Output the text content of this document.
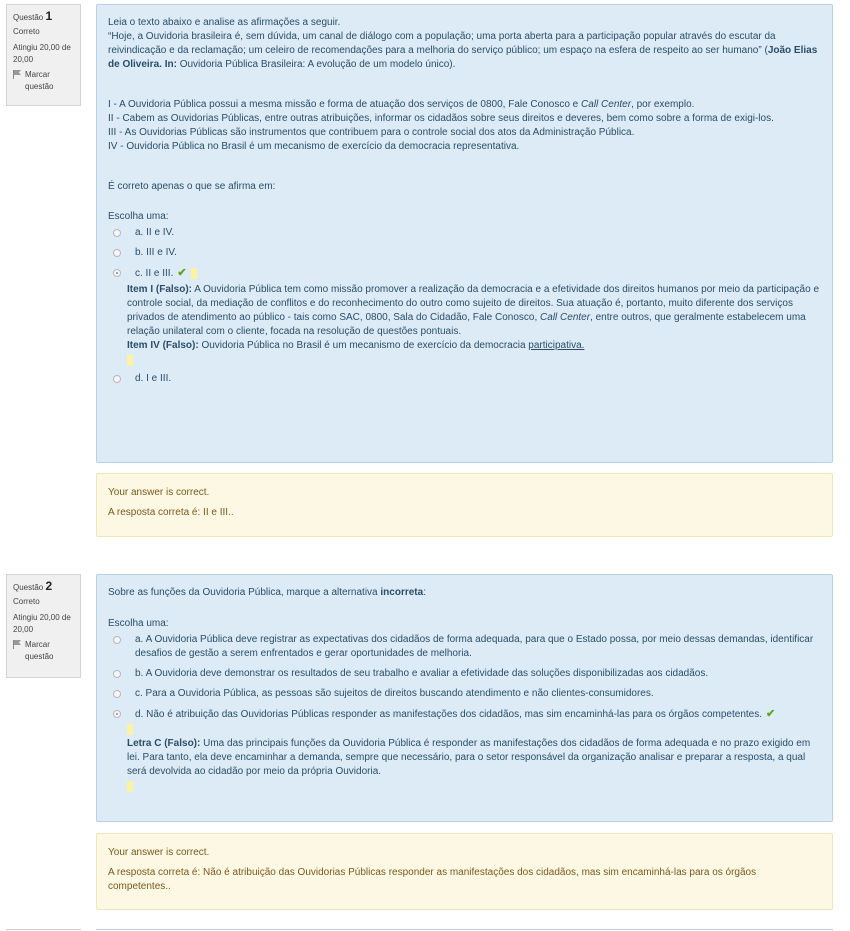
Questão 1
Correto
Atingiu 20,00 de 20,00
Marcar questão

Leia o texto abaixo e analise as afirmações a seguir.

“Hoje, a Ouvidoria brasileira é, sem dúvida, um canal de diálogo com a população; uma porta aberta para a participação popular através do escutar da reivindicação e da reclamação; um celeiro de recomendações para a melhoria do serviço público; um espaço na esfera de respeito ao ser humano” (João Elias de Oliveira. In: Ouvidoria Pública Brasileira: A evolução de um modelo único).

I - A Ouvidoria Pública possui a mesma missão e forma de atuação dos serviços de 0800, Fale Conosco e Call Center, por exemplo.

II - Cabem as Ouvidorias Públicas, entre outras atribuições, informar os cidadãos sobre seus direitos e deveres, bem como sobre a forma de exigi-los.

III - As Ouvidorias Públicas são instrumentos que contribuem para o controle social dos atos da Administração Pública.

IV - Ouvidoria Pública no Brasil é um mecanismo de exercício da democracia representativa.

É correto apenas o que se afirma em:

Escolha uma:

a. II e IV.
b. III e IV.
c. II e III. ✔

Item I (Falso): A Ouvidoria Pública tem como missão promover a realização da democracia e a efetividade dos direitos humanos por meio da participação e controle social, da mediação de conflitos e do reconhecimento do outro como sujeito de direitos. Sua atuação é, portanto, muito diferente dos serviços privados de atendimento ao público - tais como SAC, 0800, Sala do Cidadão, Fale Conosco, Call Center, entre outros, que geralmente estabelecem uma relação unilateral com o cliente, focada na resolução de questões pontuais.

Item IV (Falso): Ouvidoria Pública no Brasil é um mecanismo de exercício da democracia participativa.

d. I e III.

Your answer is correct.

A resposta correta é: II e III..

Questão 2
Correto
Atingiu 20,00 de 20,00
Marcar questão

Sobre as funções da Ouvidoria Pública, marque a alternativa incorreta:

Escolha uma:

a. A Ouvidoria Pública deve registrar as expectativas dos cidadãos de forma adequada, para que o Estado possa, por meio dessas demandas, identificar desafios de gestão a serem enfrentados e gerar oportunidades de melhoria.
b. A Ouvidoria deve demonstrar os resultados de seu trabalho e avaliar a efetividade das soluções disponibilizadas aos cidadãos.
c. Para a Ouvidoria Pública, as pessoas são sujeitos de direitos buscando atendimento e não clientes-consumidores.
d. Não é atribuição das Ouvidorias Públicas responder as manifestações dos cidadãos, mas sim encaminhá-las para os órgãos competentes. ✔

Letra C (Falso): Uma das principais funções da Ouvidoria Pública é responder as manifestações dos cidadãos de forma adequada e no prazo exigido em lei. Para tanto, ela deve encaminhar a demanda, sempre que necessário, para o setor responsável da organização analisar e preparar a resposta, a qual será devolvida ao cidadão por meio da própria Ouvidoria.

Your answer is correct.

A resposta correta é: Não é atribuição das Ouvidorias Públicas responder as manifestações dos cidadãos, mas sim encaminhá-las para os órgãos competentes..
